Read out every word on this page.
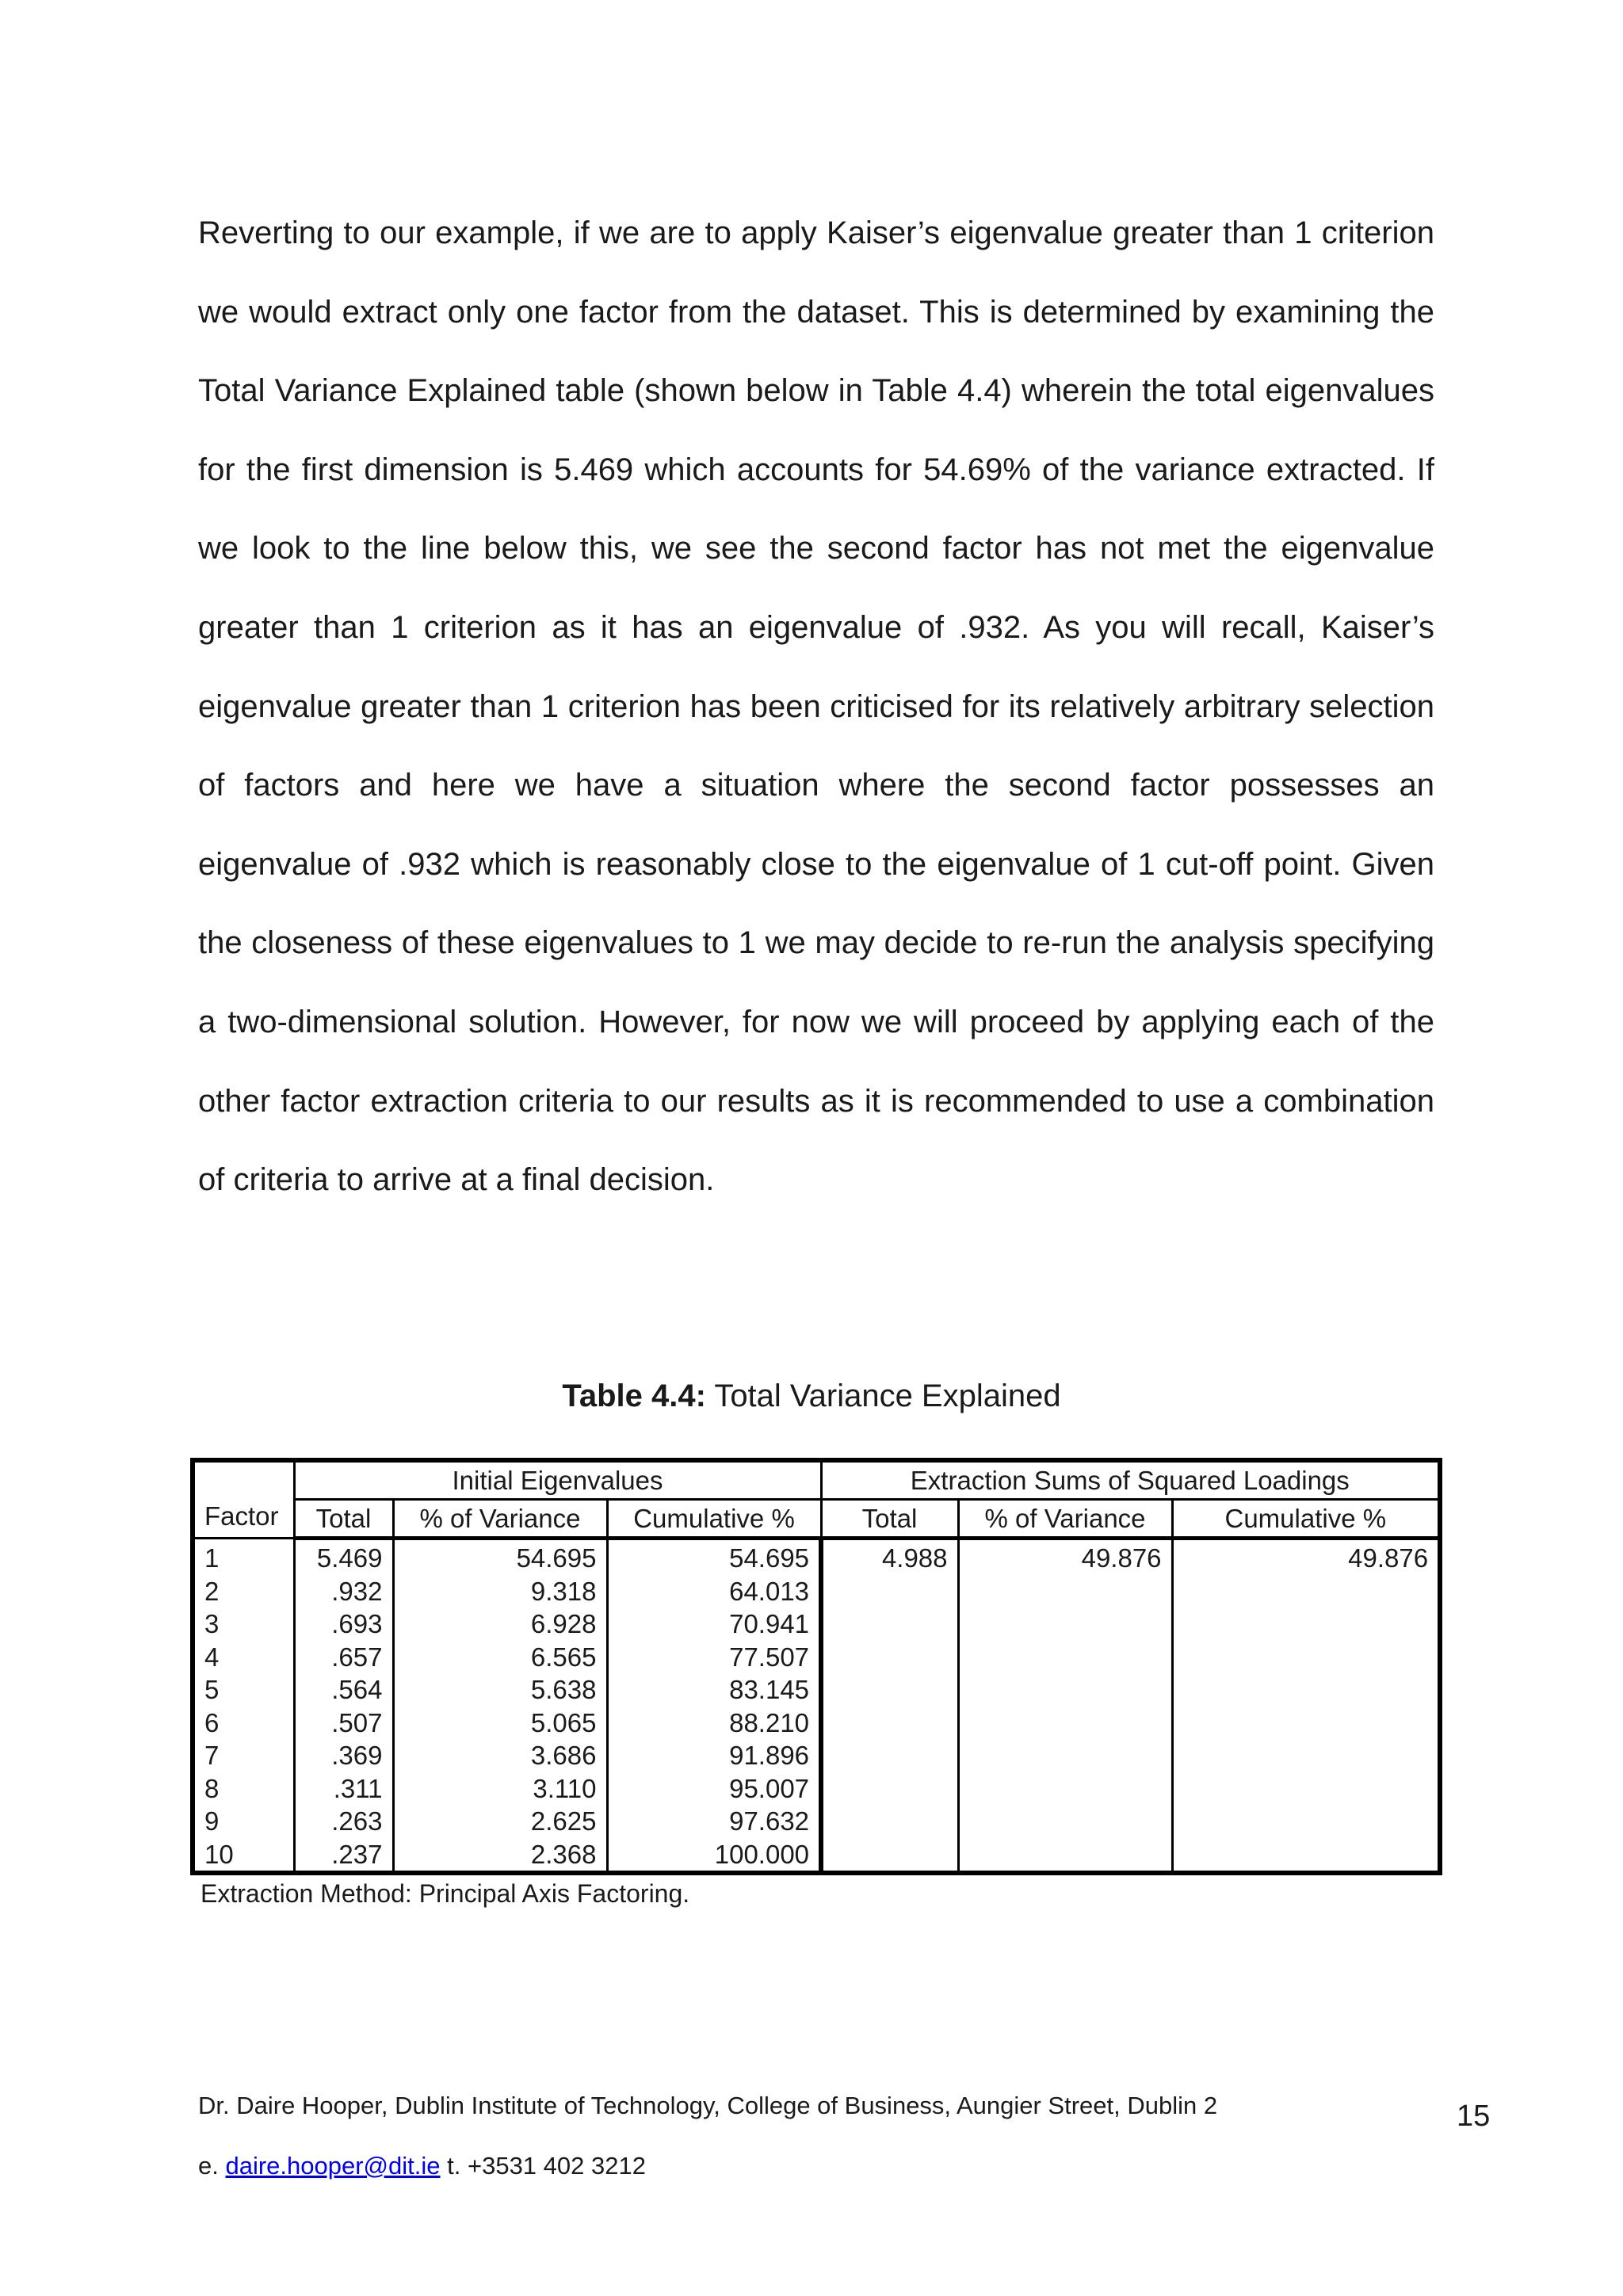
Reverting to our example, if we are to apply Kaiser’s eigenvalue greater than 1 criterion we would extract only one factor from the dataset. This is determined by examining the Total Variance Explained table (shown below in Table 4.4) wherein the total eigenvalues for the first dimension is 5.469 which accounts for 54.69% of the variance extracted. If we look to the line below this, we see the second factor has not met the eigenvalue greater than 1 criterion as it has an eigenvalue of .932. As you will recall, Kaiser’s eigenvalue greater than 1 criterion has been criticised for its relatively arbitrary selection of factors and here we have a situation where the second factor possesses an eigenvalue of .932 which is reasonably close to the eigenvalue of 1 cut-off point. Given the closeness of these eigenvalues to 1 we may decide to re-run the analysis specifying a two-dimensional solution. However, for now we will proceed by applying each of the other factor extraction criteria to our results as it is recommended to use a combination of criteria to arrive at a final decision.

Table 4.4: Total Variance Explained

Factor	Initial Eigenvalues			Extraction Sums of Squared Loadings		
	Total	% of Variance	Cumulative %	Total	% of Variance	Cumulative %
1	5.469	54.695	54.695	4.988	49.876	49.876
2	.932	9.318	64.013			
3	.693	6.928	70.941			
4	.657	6.565	77.507			
5	.564	5.638	83.145			
6	.507	5.065	88.210			
7	.369	3.686	91.896			
8	.311	3.110	95.007			
9	.263	2.625	97.632			
10	.237	2.368	100.000			

Extraction Method: Principal Axis Factoring.

Dr. Daire Hooper, Dublin Institute of Technology, College of Business, Aungier Street, Dublin 2	15

e. daire.hooper@dit.ie t. +3531 402 3212
